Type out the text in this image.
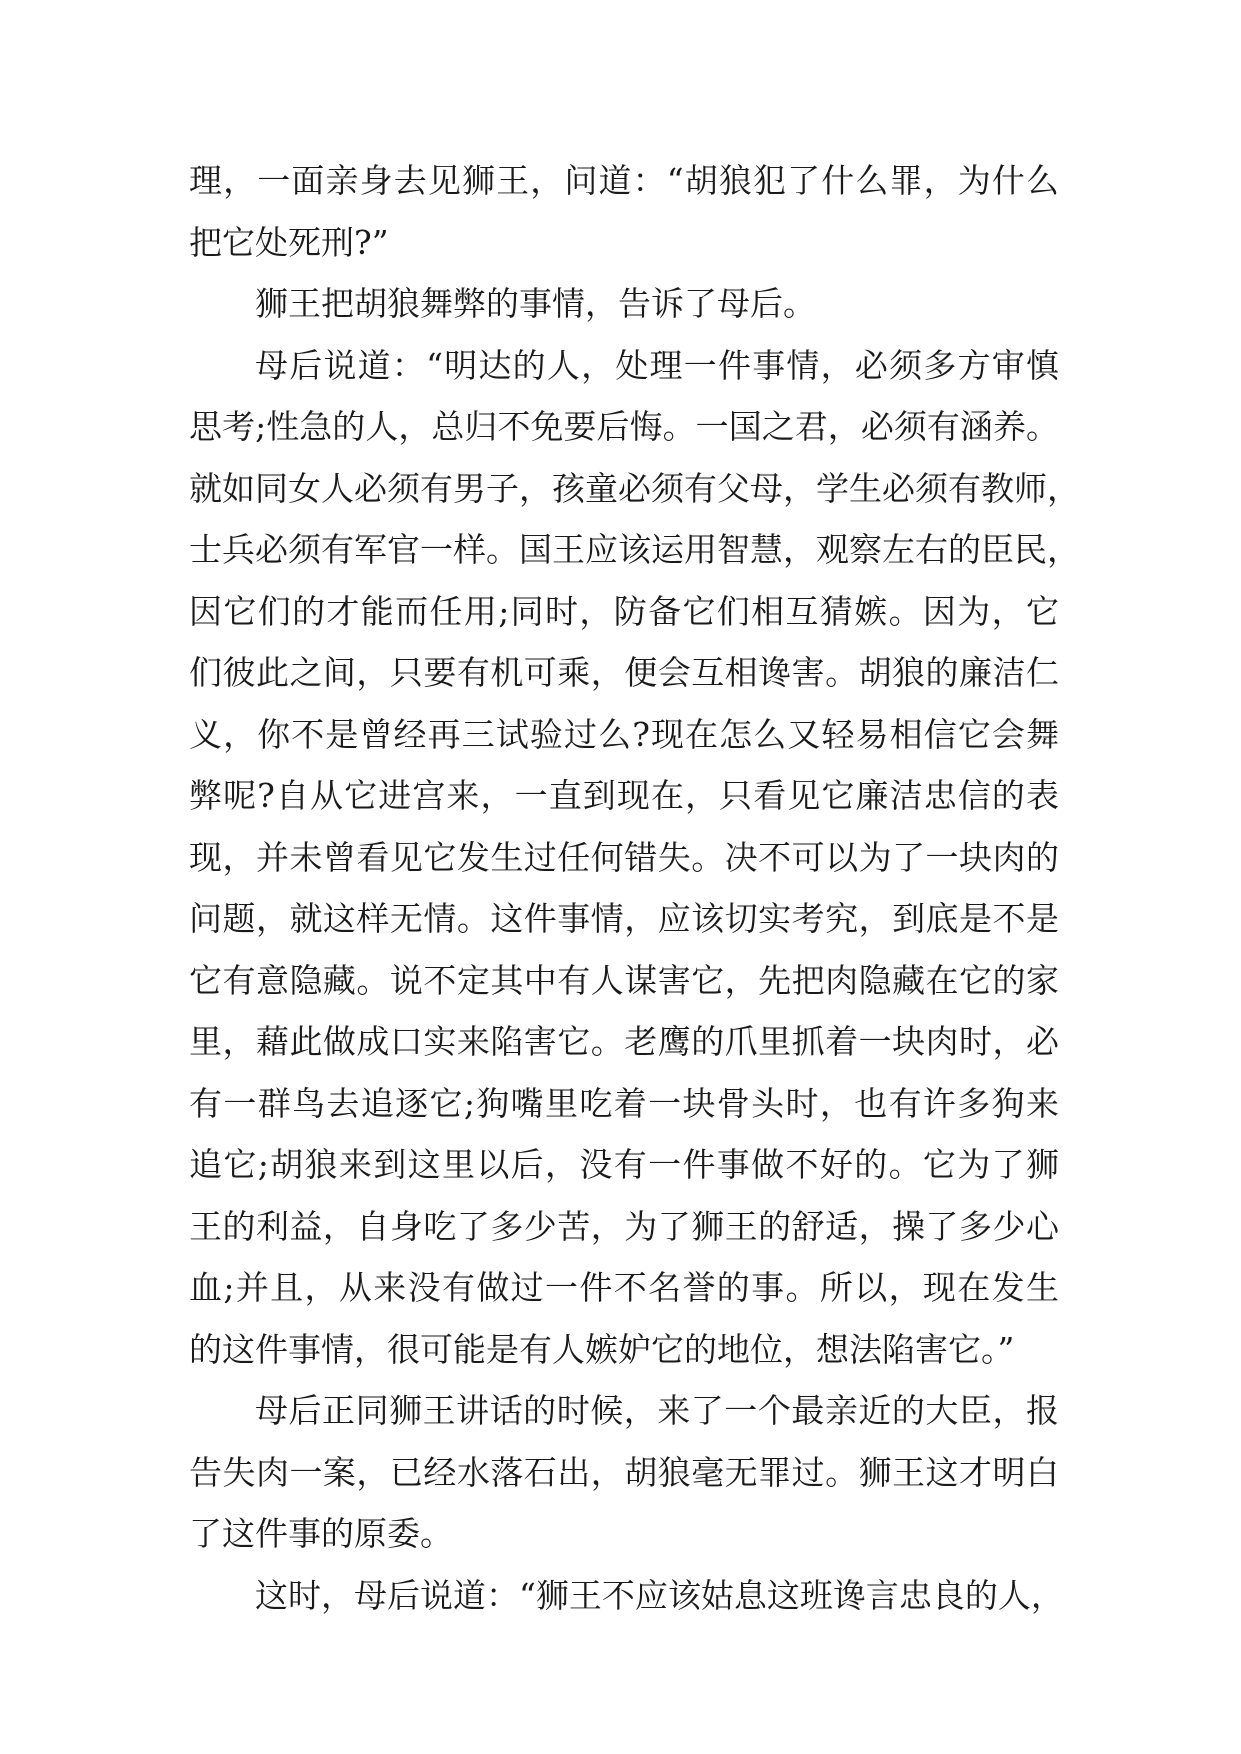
理，一面亲身去见狮王，问道：“胡狼犯了什么罪，为什么
把它处死刑?”
狮王把胡狼舞弊的事情，告诉了母后。
母后说道：“明达的人，处理一件事情，必须多方审慎
思考;性急的人，总归不免要后悔。一国之君，必须有涵养。
就如同女人必须有男子，孩童必须有父母，学生必须有教师，
士兵必须有军官一样。国王应该运用智慧，观察左右的臣民，
因它们的才能而任用;同时，防备它们相互猜嫉。因为，它
们彼此之间，只要有机可乘，便会互相谗害。胡狼的廉洁仁
义，你不是曾经再三试验过么?现在怎么又轻易相信它会舞
弊呢?自从它进宫来，一直到现在，只看见它廉洁忠信的表
现，并未曾看见它发生过任何错失。决不可以为了一块肉的
问题，就这样无情。这件事情，应该切实考究，到底是不是
它有意隐藏。说不定其中有人谋害它，先把肉隐藏在它的家
里，藉此做成口实来陷害它。老鹰的爪里抓着一块肉时，必
有一群鸟去追逐它;狗嘴里吃着一块骨头时，也有许多狗来
追它;胡狼来到这里以后，没有一件事做不好的。它为了狮
王的利益，自身吃了多少苦，为了狮王的舒适，操了多少心
血;并且，从来没有做过一件不名誉的事。所以，现在发生
的这件事情，很可能是有人嫉妒它的地位，想法陷害它。”
母后正同狮王讲话的时候，来了一个最亲近的大臣，报
告失肉一案，已经水落石出，胡狼毫无罪过。狮王这才明白
了这件事的原委。
这时，母后说道：“狮王不应该姑息这班谗言忠良的人，
